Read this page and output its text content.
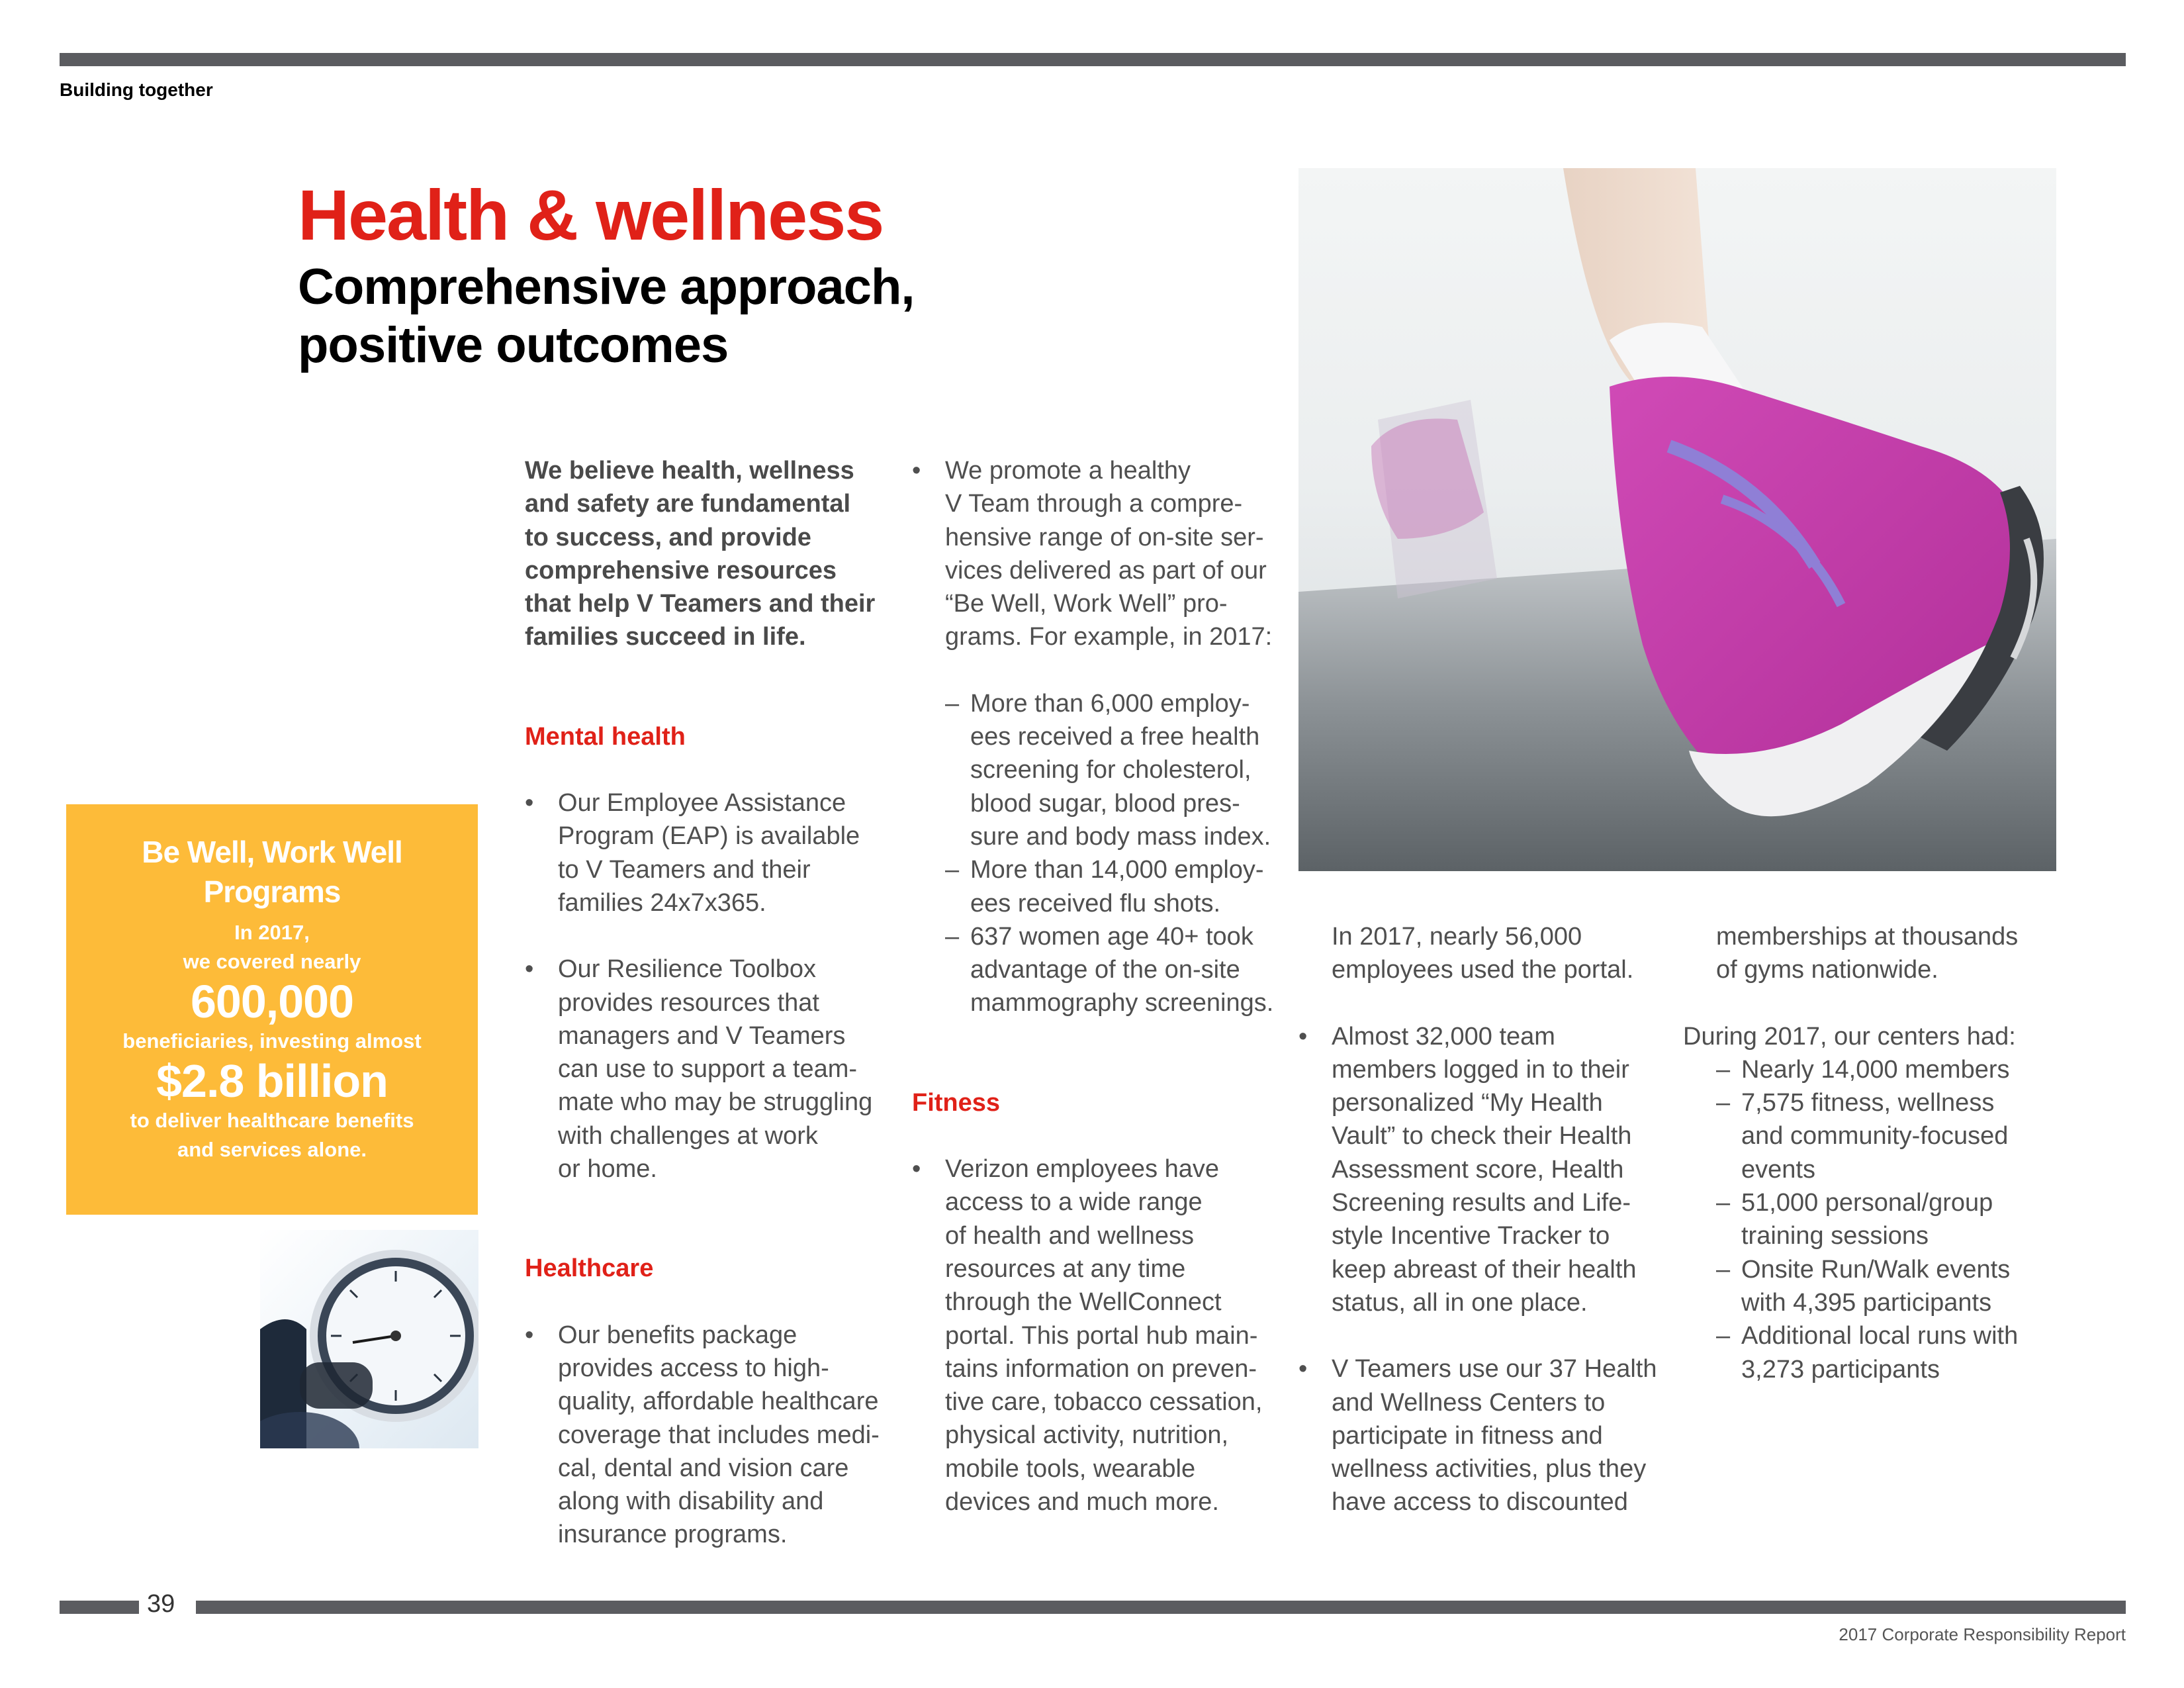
Building together
Health & wellness
Comprehensive approach,
positive outcomes
Be Well, Work Well
Programs
In 2017,
we covered nearly
600,000
beneficiaries, investing almost
$2.8 billion
to deliver healthcare benefits
and services alone.

We believe health, wellness

and safety are fundamental

to success, and provide

comprehensive resources

that help V Teamers and their

families succeed in life.

Mental health

• Our Employee Assistance

Program (EAP) is available

to V Teamers and their

families 24x7x365.

• Our Resilience Toolbox

provides resources that

managers and V Teamers

can use to support a team-

mate who may be struggling

with challenges at work

or home.

Healthcare

• Our benefits package

provides access to high-

quality, affordable healthcare

coverage that includes medi-

cal, dental and vision care

along with disability and

insurance programs.

• We promote a healthy

V Team through a compre-

hensive range of on-site ser-

vices delivered as part of our

“Be Well, Work Well” pro-

grams. For example, in 2017:

– More than 6,000 employ-

ees received a free health

screening for cholesterol,

blood sugar, blood pres-

sure and body mass index.

– More than 14,000 employ-

ees received flu shots.

– 637 women age 40+ took

advantage of the on-site

mammography screenings.

Fitness

• Verizon employees have

access to a wide range

of health and wellness

resources at any time

through the WellConnect

portal. This portal hub main-

tains information on preven-

tive care, tobacco cessation,

physical activity, nutrition,

mobile tools, wearable

devices and much more.

In 2017, nearly 56,000

employees used the portal.

• Almost 32,000 team

members logged in to their

personalized “My Health

Vault” to check their Health

Assessment score, Health

Screening results and Life-

style Incentive Tracker to

keep abreast of their health

status, all in one place.

• V Teamers use our 37 Health

and Wellness Centers to

participate in fitness and

wellness activities, plus they

have access to discounted

memberships at thousands

of gyms nationwide.

During 2017, our centers had:

– Nearly 14,000 members

– 7,575 fitness, wellness

and community-focused

events

– 51,000 personal/group

training sessions

– Onsite Run/Walk events

with 4,395 participants

– Additional local runs with

3,273 participants

39
2017 Corporate Responsibility Report
